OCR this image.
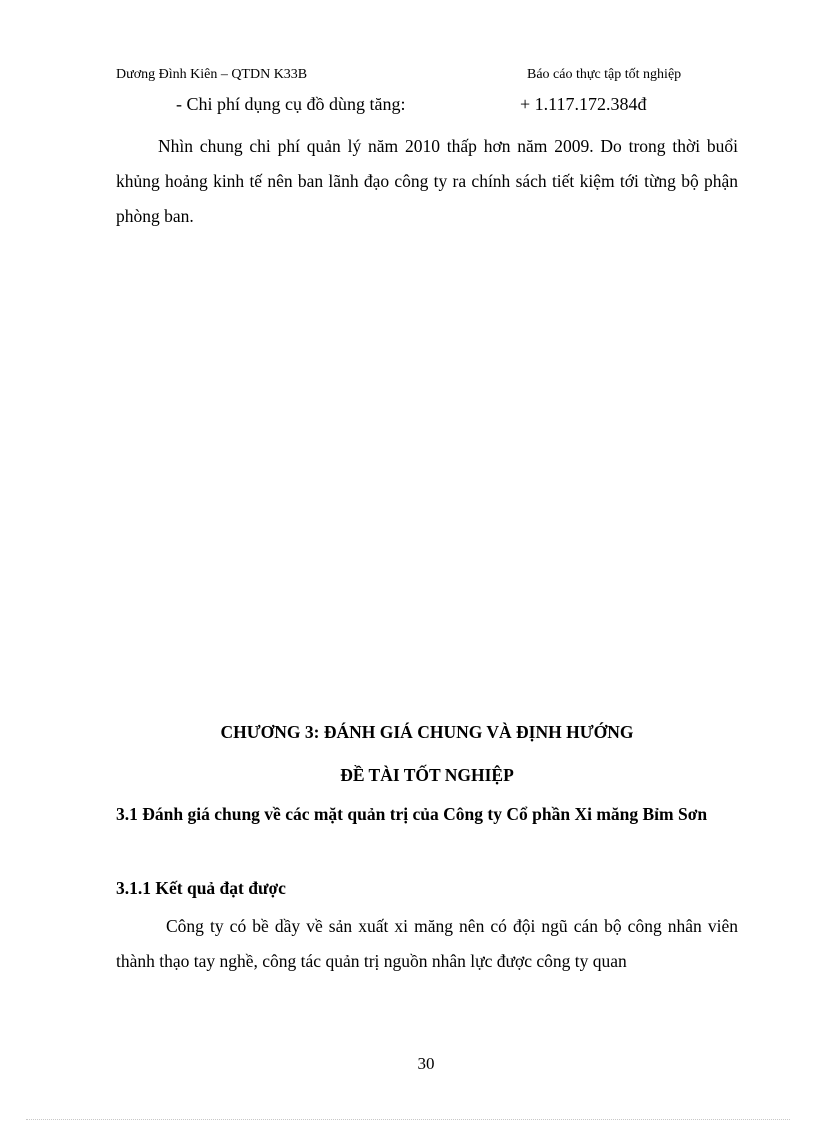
Dương Đình Kiên – QTDN K33B	Báo cáo thực tập tốt nghiệp
- Chi phí dụng cụ đồ dùng tăng:	+ 1.117.172.384đ

Nhìn chung chi phí quản lý năm 2010 thấp hơn năm 2009. Do trong thời buổi khủng hoảng kinh tế nên ban lãnh đạo công ty ra chính sách tiết kiệm tới từng bộ phận phòng ban.

CHƯƠNG 3: ĐÁNH GIÁ CHUNG VÀ ĐỊNH HƯỚNG
ĐỀ TÀI TỐT NGHIỆP
3.1 Đánh giá chung về các mặt quản trị của Công ty Cổ phần Xi măng Bỉm Sơn
3.1.1 Kết quả đạt được

Công ty có bề dầy về sản xuất xi măng nên có đội ngũ cán bộ công nhân viên thành thạo tay nghề, công tác quản trị nguồn nhân lực được công ty quan

30
